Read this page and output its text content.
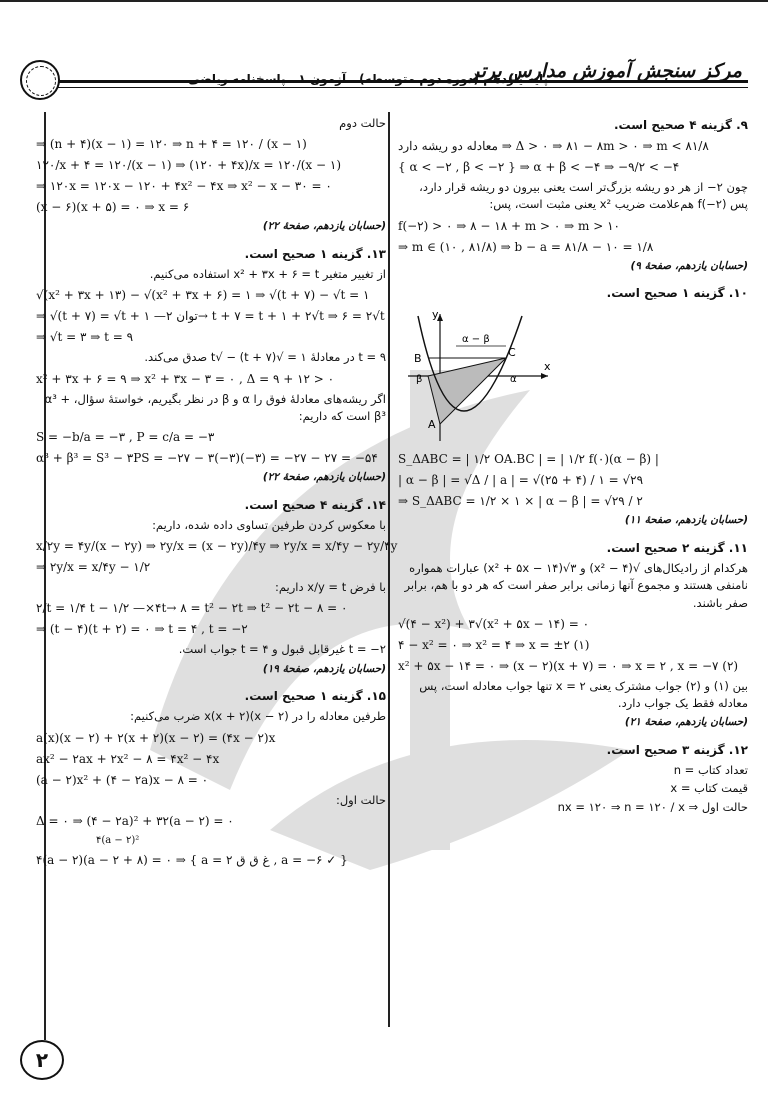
مرکز سنجش آموزش مدارس برتر
پایه یازدهم (دوره دوم متوسطه) . آزمون ۱ . پاسخنامه ریاضی
حالت دوم
⇒ (n + ۴)(x − ۱) = ۱۲۰ ⇒ n + ۴ = ۱۲۰ / (x − ۱)
۱۲۰/x + ۴ = ۱۲۰/(x − ۱) ⇒ (۱۲۰ + ۴x)/x = ۱۲۰/(x − ۱)
⇒ ۱۲۰x = ۱۲۰x − ۱۲۰ + ۴x² − ۴x ⇒ x² − x − ۳۰ = ۰
(x − ۶)(x + ۵) = ۰ ⇒ x = ۶
(حسابان یازدهم، صفحهٔ ۲۲)
۱۳. گزینه ۱ صحیح است.
از تغییر متغیر x² + ۳x + ۶ = t استفاده می‌کنیم.
√(x² + ۳x + ۱۳) − √(x² + ۳x + ۶) = ۱ ⇒ √(t + ۷) − √t = ۱
⇒ √(t + ۷) = √t + ۱ —توان ۲→ t + ۷ = t + ۱ + ۲√t ⇒ ۶ = ۲√t
⇒ √t = ۳ ⇒ t = ۹
t = ۹ در معادلهٔ ۱ = √(t + ۷) − √t صدق می‌کند.
x² + ۳x + ۶ = ۹ ⇒ x² + ۳x − ۳ = ۰ , Δ = ۹ + ۱۲ > ۰
اگر ریشه‌های معادلهٔ فوق را α و β در نظر بگیریم، خواستهٔ سؤال، α³ + β³ است که داریم:
S = −b/a = −۳ , P = c/a = −۳
α³ + β³ = S³ − ۳PS = −۲۷ − ۳(−۳)(−۳) = −۲۷ − ۲۷ = −۵۴
(حسابان یازدهم، صفحهٔ ۲۲)
۱۴. گزینه ۴ صحیح است.
با معکوس کردن طرفین تساوی داده شده، داریم:
x/۲y = ۴y/(x − ۲y) ⇒ ۲y/x = (x − ۲y)/۴y ⇒ ۲y/x = x/۴y − ۲y/۴y
⇒ ۲y/x = x/۴y − ۱/۲
با فرض x/y = t داریم:
۲/t = ۱/۴ t − ۱/۲ —×۴t→ ۸ = t² − ۲t ⇒ t² − ۲t − ۸ = ۰
⇒ (t − ۴)(t + ۲) = ۰ ⇒ t = ۴ , t = −۲
t = −۲ غیرقابل قبول و t = ۴ جواب است.
(حسابان یازدهم، صفحهٔ ۱۹)
۱۵. گزینه ۱ صحیح است.
طرفین معادله را در x(x + ۲)(x − ۲) ضرب می‌کنیم:
a(x)(x − ۲) + ۲(x + ۲)(x − ۲) = (۴x − ۲)x
ax² − ۲ax + ۲x² − ۸ = ۴x² − ۴x
(a − ۲)x² + (۴ − ۲a)x − ۸ = ۰
حالت اول:
Δ = ۰ ⇒ (۴ − ۲a)² + ۳۲(a − ۲) = ۰
۴(a − ۲)²
۴(a − ۲)(a − ۲ + ۸) = ۰ ⇒ { a = ۲ غ ق ق , a = −۶ ✓ }
۹. گزینه ۴ صحیح است.
معادله دو ریشه دارد ⇒ Δ > ۰ ⇒ ۸۱ − ۸m > ۰ ⇒ m < ۸۱/۸
{ α < −۲ , β < −۲ } ⇒ α + β < −۴ ⇒ −۹/۲ < −۴
چون ۲− از هر دو ریشه بزرگ‌تر است یعنی بیرون دو ریشه قرار دارد، پس f(−۲) هم‌علامت ضریب x² یعنی مثبت است، پس:
f(−۲) > ۰ ⇒ ۸ − ۱۸ + m > ۰ ⇒ m > ۱۰
⇒ m ∈ (۱۰ , ۸۱/۸) ⇒ b − a = ۸۱/۸ − ۱۰ = ۱/۸
(حسابان یازدهم، صفحهٔ ۹)
۱۰. گزینه ۱ صحیح است.
y
x
α − β
B	C
A
β	α
S_ΔABC = | ۱/۲ OA.BC | = | ۱/۲ f(۰)(α − β) |
| α − β | = √Δ / | a | = √(۲۵ + ۴) / ۱ = √۲۹
⇒ S_ΔABC = ۱/۲ × ۱ × | α − β | = √۲۹ / ۲
(حسابان یازدهم، صفحهٔ ۱۱)
۱۱. گزینه ۲ صحیح است.
هرکدام از رادیکال‌های √(۴ − x²) و ۳√(x² + ۵x − ۱۴) عبارات همواره نامنفی هستند و مجموع آنها زمانی برابر صفر است که هر دو با هم، برابر صفر باشند.
√(۴ − x²) + ۳√(x² + ۵x − ۱۴) = ۰
۴ − x² = ۰ ⇒ x² = ۴ ⇒ x = ±۲ (۱)
x² + ۵x − ۱۴ = ۰ ⇒ (x − ۲)(x + ۷) = ۰ ⇒ x = ۲ , x = −۷ (۲)
بین (۱) و (۲) جواب مشترک یعنی x = ۲ تنها جواب معادله است، پس معادله فقط یک جواب دارد.
(حسابان یازدهم، صفحهٔ ۲۱)
۱۲. گزینه ۳ صحیح است.
تعداد کتاب = n
قیمت کتاب = x
حالت اول ⇒ nx = ۱۲۰ ⇒ n = ۱۲۰ / x
۲
